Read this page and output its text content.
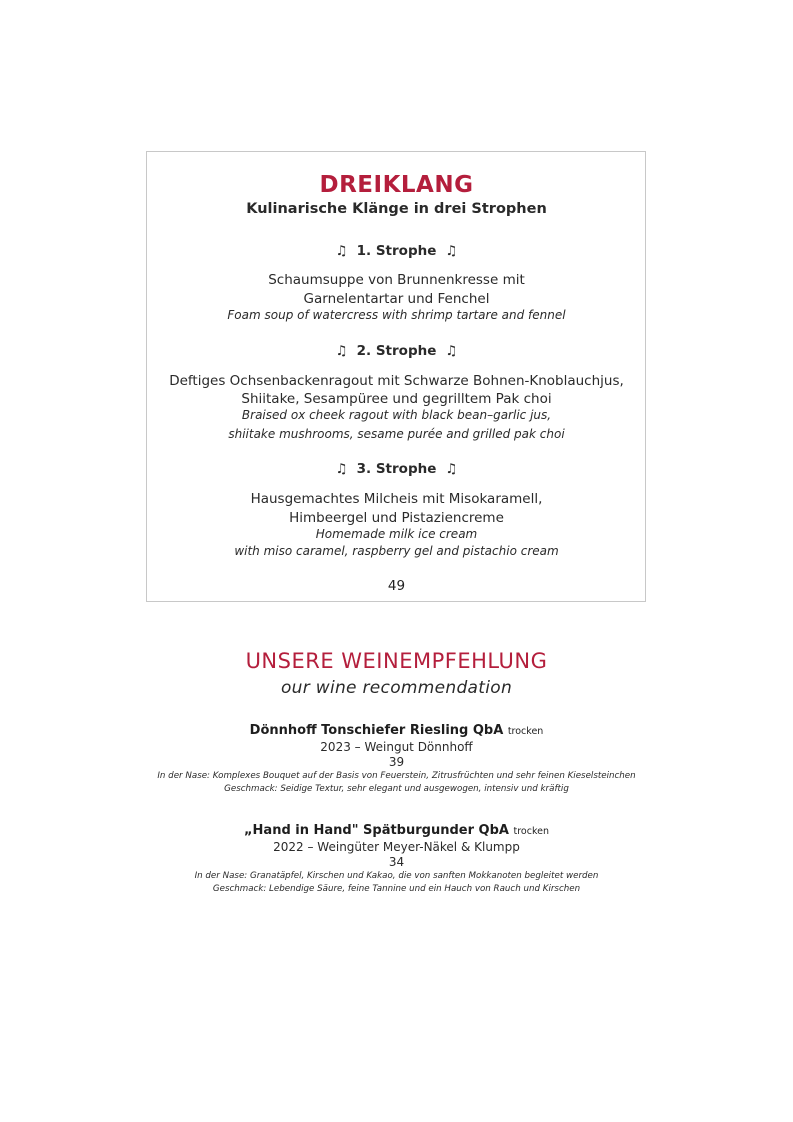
DREIKLANG
Kulinarische Klänge in drei Strophen
♫ 1. Strophe ♫
Schaumsuppe von Brunnenkresse mit
Garnelentartar und Fenchel
Foam soup of watercress with shrimp tartare and fennel
♫ 2. Strophe ♫
Deftiges Ochsenbackenragout mit Schwarze Bohnen-Knoblauchjus,
Shiitake, Sesampüree und gegrilltem Pak choi
Braised ox cheek ragout with black bean–garlic jus,
shiitake mushrooms, sesame purée and grilled pak choi
♫ 3. Strophe ♫
Hausgemachtes Milcheis mit Misokaramell,
Himbeergel und Pistaziencreme
Homemade milk ice cream
with miso caramel, raspberry gel and pistachio cream
49
UNSERE WEINEMPFEHLUNG
our wine recommendation
Dönnhoff Tonschiefer Riesling QbA trocken
2023 – Weingut Dönnhoff
39
In der Nase: Komplexes Bouquet auf der Basis von Feuerstein, Zitrusfrüchten und sehr feinen Kieselsteinchen
Geschmack: Seidige Textur, sehr elegant und ausgewogen, intensiv und kräftig
„Hand in Hand" Spätburgunder QbA trocken
2022 – Weingüter Meyer-Näkel & Klumpp
34
In der Nase: Granatäpfel, Kirschen und Kakao, die von sanften Mokkanoten begleitet werden
Geschmack: Lebendige Säure, feine Tannine und ein Hauch von Rauch und Kirschen
